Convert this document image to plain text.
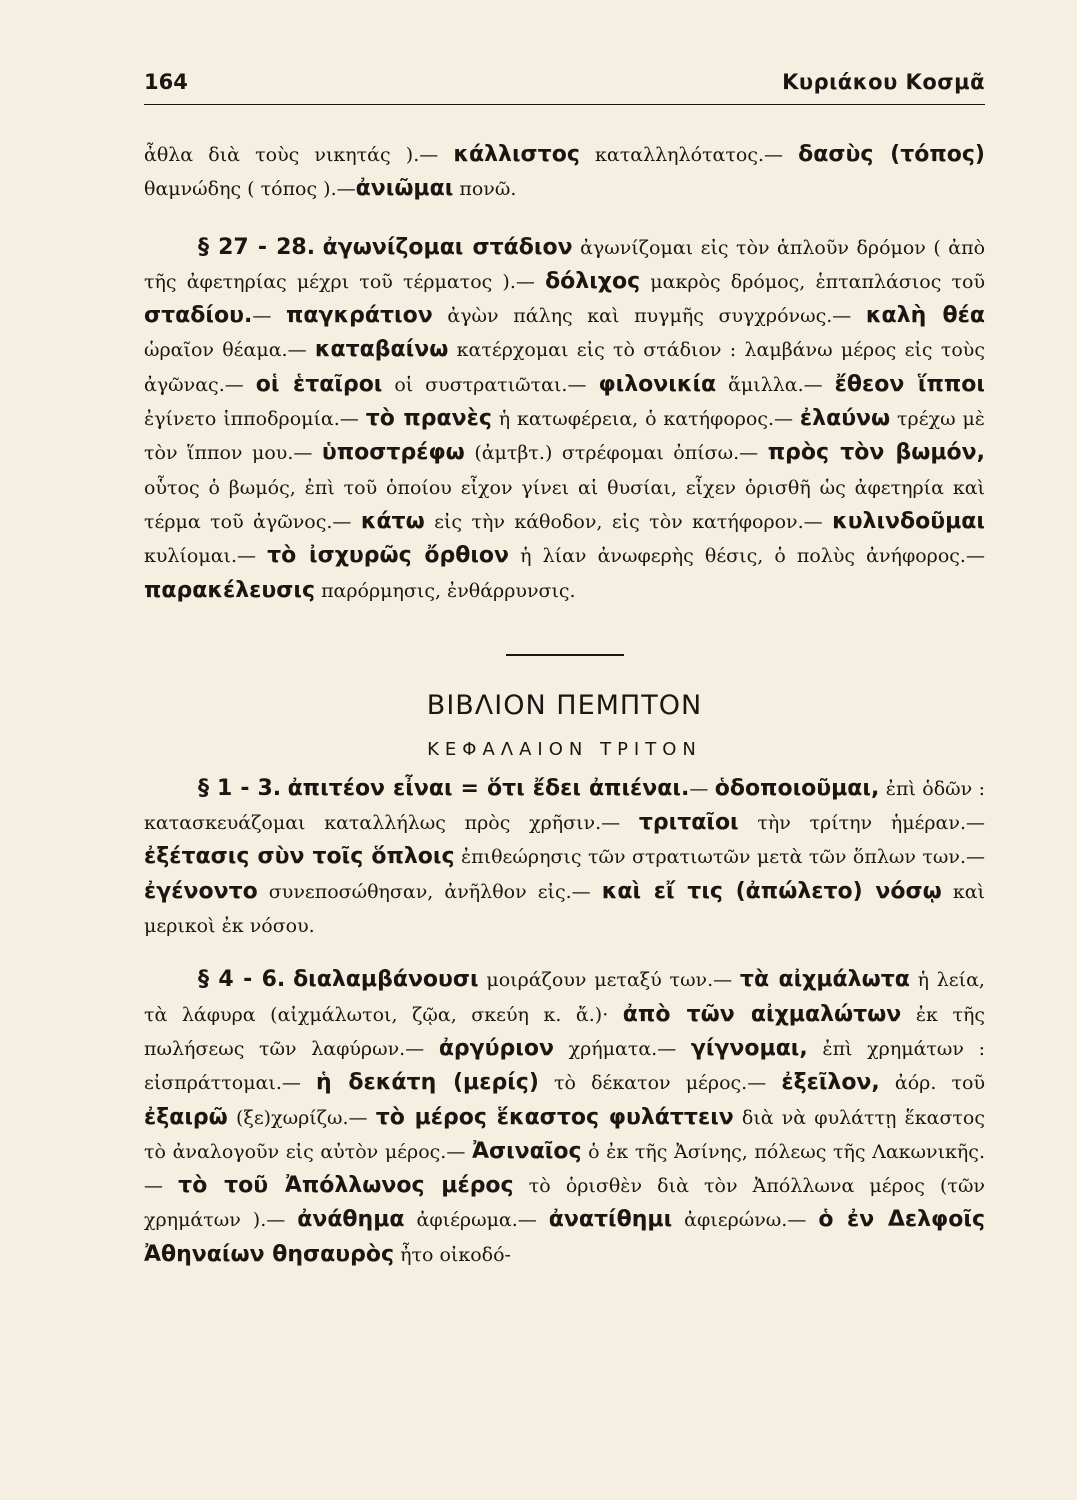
164	Κυριάκου Κοσμᾶ

ἆθλα διὰ τοὺς νικητάς ).— κάλλιστος καταλληλότατος.— δασὺς (τόπος) θαμνώδης ( τόπος ).—ἀνιῶμαι πονῶ.

§ 27 - 28. ἀγωνίζομαι στάδιον ἀγωνίζομαι εἰς τὸν ἁπλοῦν δρόμον ( ἀπὸ τῆς ἀφετηρίας μέχρι τοῦ τέρματος ).— δόλιχος μακρὸς δρόμος, ἑπταπλάσιος τοῦ σταδίου.— παγκράτιον ἀγὼν πάλης καὶ πυγμῆς συγχρόνως.— καλὴ θέα ὡραῖον θέαμα.— καταβαίνω κατέρχομαι εἰς τὸ στάδιον : λαμβάνω μέρος εἰς τοὺς ἀγῶνας.— οἱ ἑταῖροι οἱ συστρατιῶται.— φιλονικία ἅμιλλα.— ἔθεον ἵπποι ἐγίνετο ἱπποδρομία.— τὸ πρανὲς ἡ κατωφέρεια, ὁ κατήφορος.— ἐλαύνω τρέχω μὲ τὸν ἵππον μου.— ὑποστρέφω (ἀμτβτ.) στρέφομαι ὀπίσω.— πρὸς τὸν βωμόν, οὗτος ὁ βωμός, ἐπὶ τοῦ ὁποίου εἶχον γίνει αἱ θυσίαι, εἶχεν ὁρισθῆ ὡς ἀφετηρία καὶ τέρμα τοῦ ἀγῶνος.— κάτω εἰς τὴν κάθοδον, εἰς τὸν κατήφορον.— κυλινδοῦμαι κυλίομαι.— τὸ ἰσχυρῶς ὄρθιον ἡ λίαν ἀνωφερὴς θέσις, ὁ πολὺς ἀνήφορος.— παρακέλευσις παρόρμησις, ἐνθάρρυνσις.

ΒΙΒΛΙΟΝ ΠΕΜΠΤΟΝ
ΚΕΦΑΛΑΙΟΝ ΤΡΙΤΟΝ

§ 1 - 3. ἀπιτέον εἶναι = ὅτι ἔδει ἀπιέναι.— ὁδοποιοῦμαι, ἐπὶ ὁδῶν : κατασκευάζομαι καταλλήλως πρὸς χρῆσιν.— τριταῖοι τὴν τρίτην ἡμέραν.— ἐξέτασις σὺν τοῖς ὅπλοις ἐπιθεώρησις τῶν στρατιωτῶν μετὰ τῶν ὅπλων των.— ἐγένοντο συνεποσώθησαν, ἀνῆλθον εἰς.— καὶ εἴ τις (ἀπώλετο) νόσῳ καὶ μερικοὶ ἐκ νόσου.

§ 4 - 6. διαλαμβάνουσι μοιράζουν μεταξύ των.— τὰ αἰχμάλωτα ἡ λεία, τὰ λάφυρα (αἰχμάλωτοι, ζῷα, σκεύη κ. ἄ.)· ἀπὸ τῶν αἰχμαλώτων ἐκ τῆς πωλήσεως τῶν λαφύρων.— ἀργύριον χρήματα.— γίγνομαι, ἐπὶ χρημάτων : εἰσπράττομαι.— ἡ δεκάτη (μερίς) τὸ δέκατον μέρος.— ἐξεῖλον, ἀόρ. τοῦ ἐξαιρῶ (ξε)χωρίζω.— τὸ μέρος ἕκαστος φυλάττειν διὰ νὰ φυλάττῃ ἕκαστος τὸ ἀναλογοῦν εἰς αὐτὸν μέρος.— Ἀσιναῖος ὁ ἐκ τῆς Ἀσίνης, πόλεως τῆς Λακωνικῆς.— τὸ τοῦ Ἀπόλλωνος μέρος τὸ ὁρισθὲν διὰ τὸν Ἀπόλλωνα μέρος (τῶν χρημάτων ).— ἀνάθημα ἀφιέρωμα.— ἀνατίθημι ἀφιερώνω.— ὁ ἐν Δελφοῖς Ἀθηναίων θησαυρὸς ἦτο οἰκοδό-
